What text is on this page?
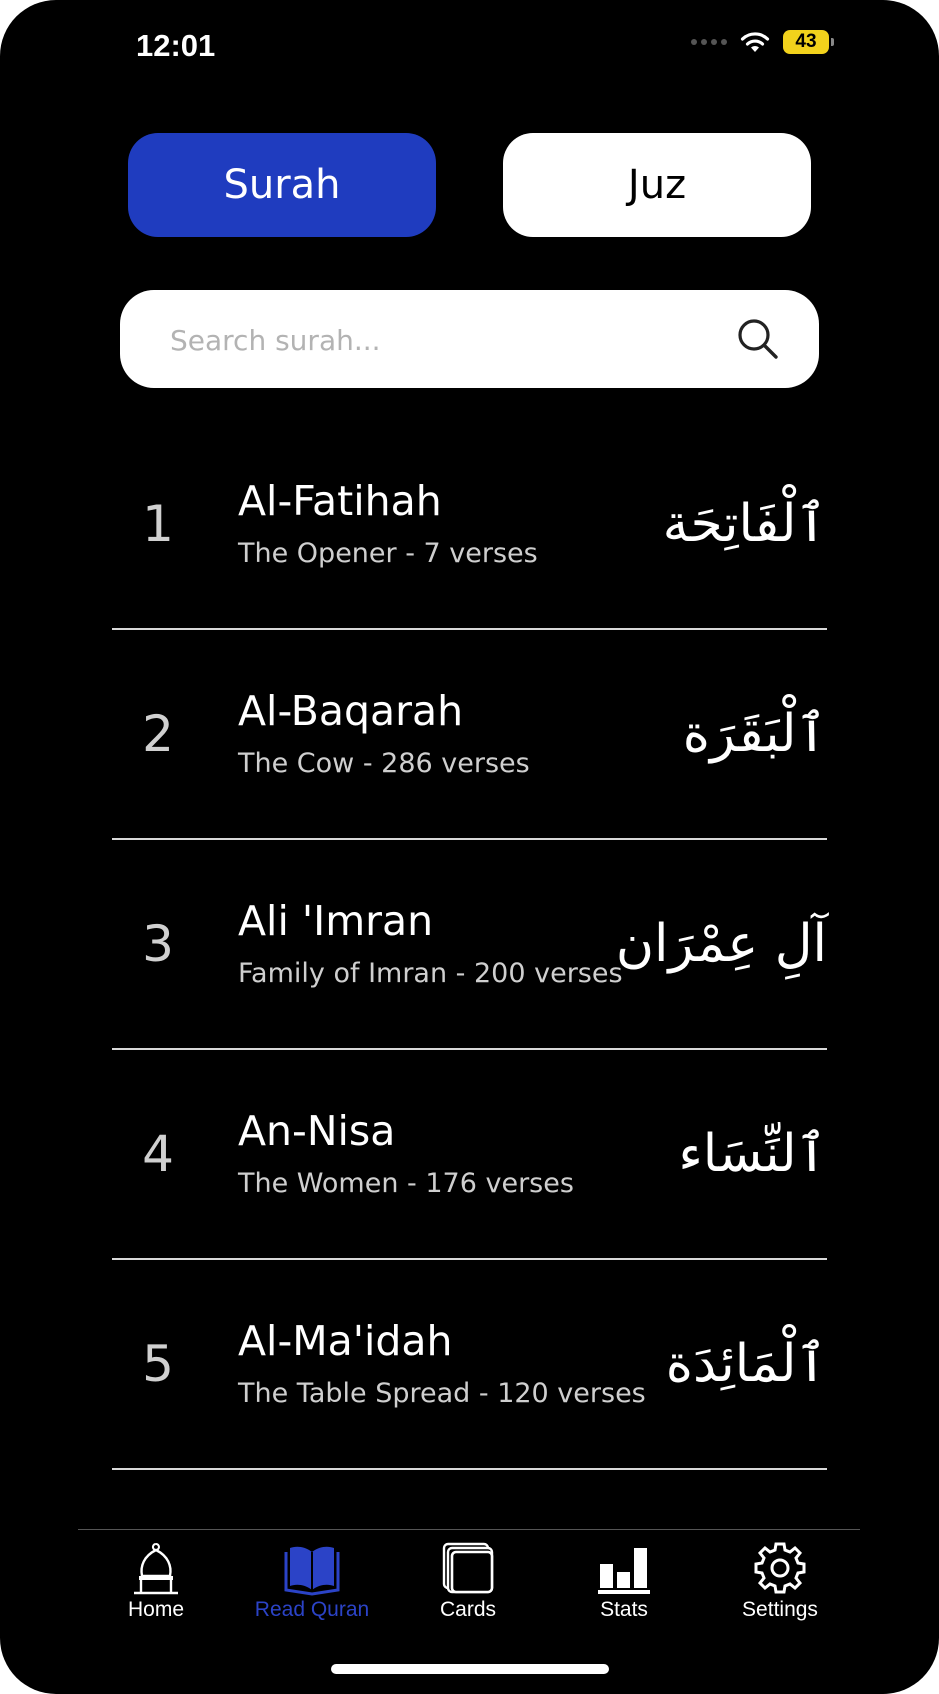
12:01	43
Surah	Juz
Search surah...
1	Al-Fatihah
The Opener - 7 verses	ٱلْفَاتِحَة
2	Al-Baqarah
The Cow - 286 verses	ٱلْبَقَرَة
3	Ali 'Imran
Family of Imran - 200 verses
آلِ عِمْرَان
4	An-Nisa
The Women - 176 verses	ٱلنِّسَاء
5	Al-Ma'idah
The Table Spread - 120 verses ٱلْمَائِدَة
Home	Read Quran	Cards	Stats	Settings
